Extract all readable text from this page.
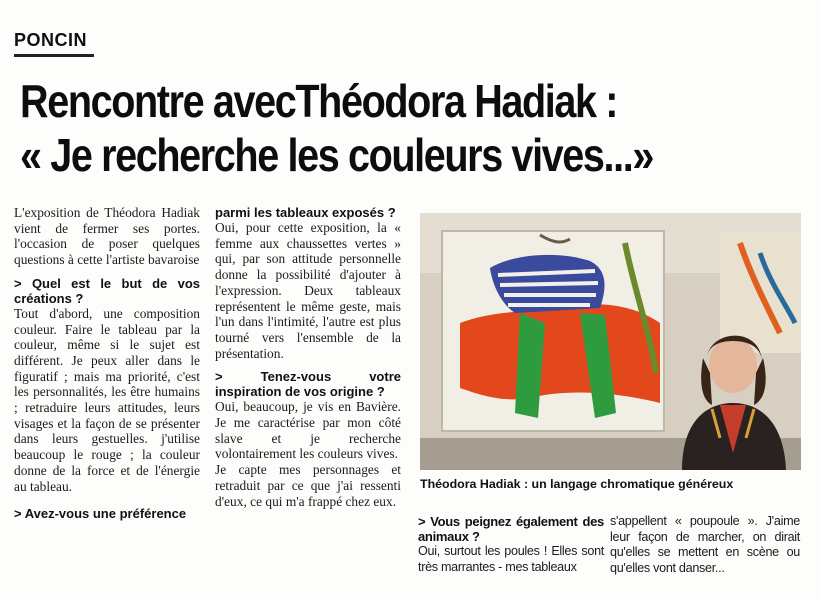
PONCIN
Rencontre avecThéodora Hadiak :
« Je recherche les couleurs vives...»

L'exposition de Théodora Hadiak vient de fermer ses portes. l'occasion de poser quelques questions à cette l'artiste bavaroise

> Quel est le but de vos créations ?

Tout d'abord, une composition couleur. Faire le tableau par la couleur, même si le sujet est différent. Je peux aller dans le figuratif ; mais ma priorité, c'est les personnalités, les être humains ; retraduire leurs attitudes, leurs visages et la façon de se présenter dans leurs gestuelles. j'utilise beaucoup le rouge ; la couleur donne de la force et de l'énergie au tableau.

> Avez-vous une préférence

parmi les tableaux exposés ?

Oui, pour cette exposition, la « femme aux chaussettes vertes » qui, par son attitude personnelle donne la possibilité d'ajouter à l'expression. Deux tableaux représentent le même geste, mais l'un dans l'intimité, l'autre est plus tourné vers l'ensemble de la présentation.

> Tenez-vous votre inspiration de vos origine ?

Oui, beaucoup, je vis en Bavière. Je me caractérise par mon côté slave et je recherche volontairement les couleurs vives.

Je capte mes personnages et retraduit par ce que j'ai ressenti d'eux, ce qui m'a frappé chez eux.

Théodora Hadiak : un langage chromatique généreux

> Vous peignez également des animaux ?

Oui, surtout les poules ! Elles sont très marrantes - mes tableaux

s'appellent « poupoule ». J'aime leur façon de marcher, on dirait qu'elles se mettent en scène ou qu'elles vont danser...
